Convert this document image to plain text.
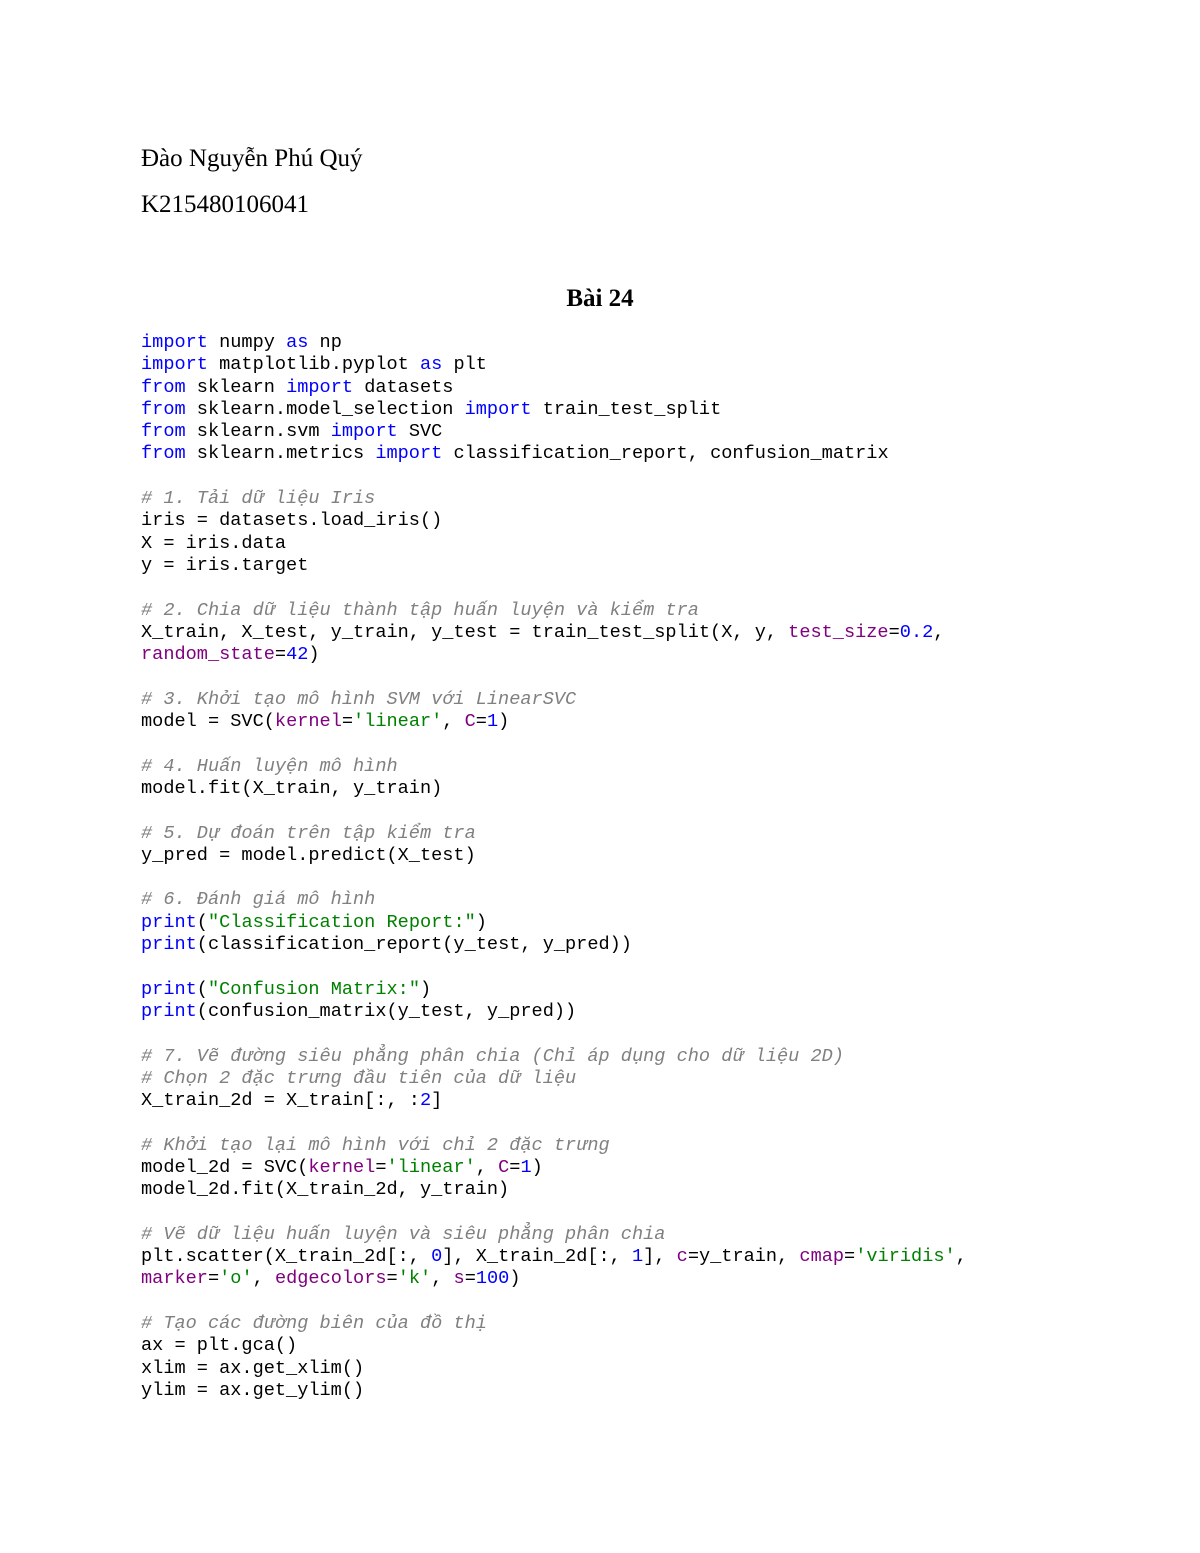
Đào Nguyễn Phú Quý

K215480106041

Bài 24

import numpy as np
import matplotlib.pyplot as plt
from sklearn import datasets
from sklearn.model_selection import train_test_split
from sklearn.svm import SVC
from sklearn.metrics import classification_report, confusion_matrix

# 1. Tải dữ liệu Iris
iris = datasets.load_iris()
X = iris.data
y = iris.target

# 2. Chia dữ liệu thành tập huấn luyện và kiểm tra
X_train, X_test, y_train, y_test = train_test_split(X, y, test_size=0.2,
random_state=42)

# 3. Khởi tạo mô hình SVM với LinearSVC
model = SVC(kernel='linear', C=1)

# 4. Huấn luyện mô hình
model.fit(X_train, y_train)

# 5. Dự đoán trên tập kiểm tra
y_pred = model.predict(X_test)

# 6. Đánh giá mô hình
print("Classification Report:")
print(classification_report(y_test, y_pred))

print("Confusion Matrix:")
print(confusion_matrix(y_test, y_pred))

# 7. Vẽ đường siêu phẳng phân chia (Chỉ áp dụng cho dữ liệu 2D)
# Chọn 2 đặc trưng đầu tiên của dữ liệu
X_train_2d = X_train[:, :2]

# Khởi tạo lại mô hình với chỉ 2 đặc trưng
model_2d = SVC(kernel='linear', C=1)
model_2d.fit(X_train_2d, y_train)

# Vẽ dữ liệu huấn luyện và siêu phẳng phân chia
plt.scatter(X_train_2d[:, 0], X_train_2d[:, 1], c=y_train, cmap='viridis',
marker='o', edgecolors='k', s=100)

# Tạo các đường biên của đồ thị
ax = plt.gca()
xlim = ax.get_xlim()
ylim = ax.get_ylim()
